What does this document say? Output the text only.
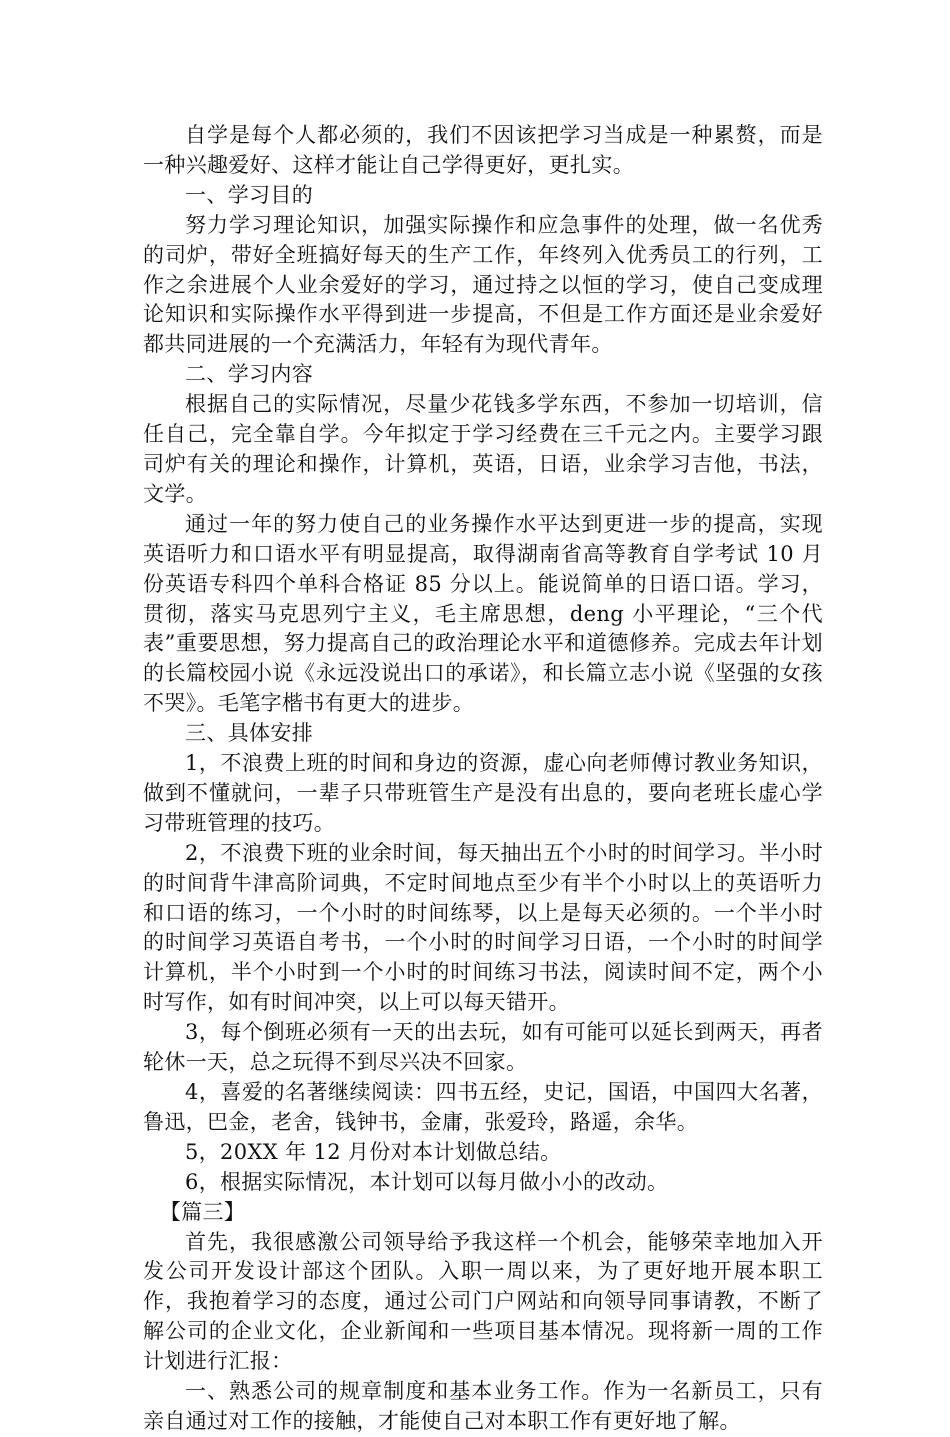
自学是每个人都必须的，我们不因该把学习当成是一种累赘，而是一种兴趣爱好、这样才能让自己学得更好，更扎实。

一、学习目的

努力学习理论知识，加强实际操作和应急事件的处理，做一名优秀的司炉，带好全班搞好每天的生产工作，年终列入优秀员工的行列，工作之余进展个人业余爱好的学习，通过持之以恒的学习，使自己变成理论知识和实际操作水平得到进一步提高，不但是工作方面还是业余爱好都共同进展的一个充满活力，年轻有为现代青年。

二、学习内容

根据自己的实际情况，尽量少花钱多学东西，不参加一切培训，信任自己，完全靠自学。今年拟定于学习经费在三千元之内。主要学习跟司炉有关的理论和操作，计算机，英语，日语，业余学习吉他，书法，文学。

通过一年的努力使自己的业务操作水平达到更进一步的提高，实现英语听力和口语水平有明显提高，取得湖南省高等教育自学考试 10 月份英语专科四个单科合格证 85 分以上。能说简单的日语口语。学习，贯彻，落实马克思列宁主义，毛主席思想，deng 小平理论，“三个代表”重要思想，努力提高自己的政治理论水平和道德修养。完成去年计划的长篇校园小说《永远没说出口的承诺》，和长篇立志小说《坚强的女孩不哭》。毛笔字楷书有更大的进步。

三、具体安排

1，不浪费上班的时间和身边的资源，虚心向老师傅讨教业务知识，做到不懂就问，一辈子只带班管生产是没有出息的，要向老班长虚心学习带班管理的技巧。

2，不浪费下班的业余时间，每天抽出五个小时的时间学习。半小时的时间背牛津高阶词典，不定时间地点至少有半个小时以上的英语听力和口语的练习，一个小时的时间练琴，以上是每天必须的。一个半小时的时间学习英语自考书，一个小时的时间学习日语，一个小时的时间学计算机，半个小时到一个小时的时间练习书法，阅读时间不定，两个小时写作，如有时间冲突，以上可以每天错开。

3，每个倒班必须有一天的出去玩，如有可能可以延长到两天，再者轮休一天，总之玩得不到尽兴决不回家。

4，喜爱的名著继续阅读：四书五经，史记，国语，中国四大名著，鲁迅，巴金，老舍，钱钟书，金庸，张爱玲，路遥，余华。

5，20XX 年 12 月份对本计划做总结。

6，根据实际情况，本计划可以每月做小小的改动。

【篇三】

首先，我很感激公司领导给予我这样一个机会，能够荣幸地加入开发公司开发设计部这个团队。入职一周以来，为了更好地开展本职工作，我抱着学习的态度，通过公司门户网站和向领导同事请教，不断了解公司的企业文化，企业新闻和一些项目基本情况。现将新一周的工作计划进行汇报：

一、熟悉公司的规章制度和基本业务工作。作为一名新员工，只有亲自通过对工作的接触，才能使自己对本职工作有更好地了解。
